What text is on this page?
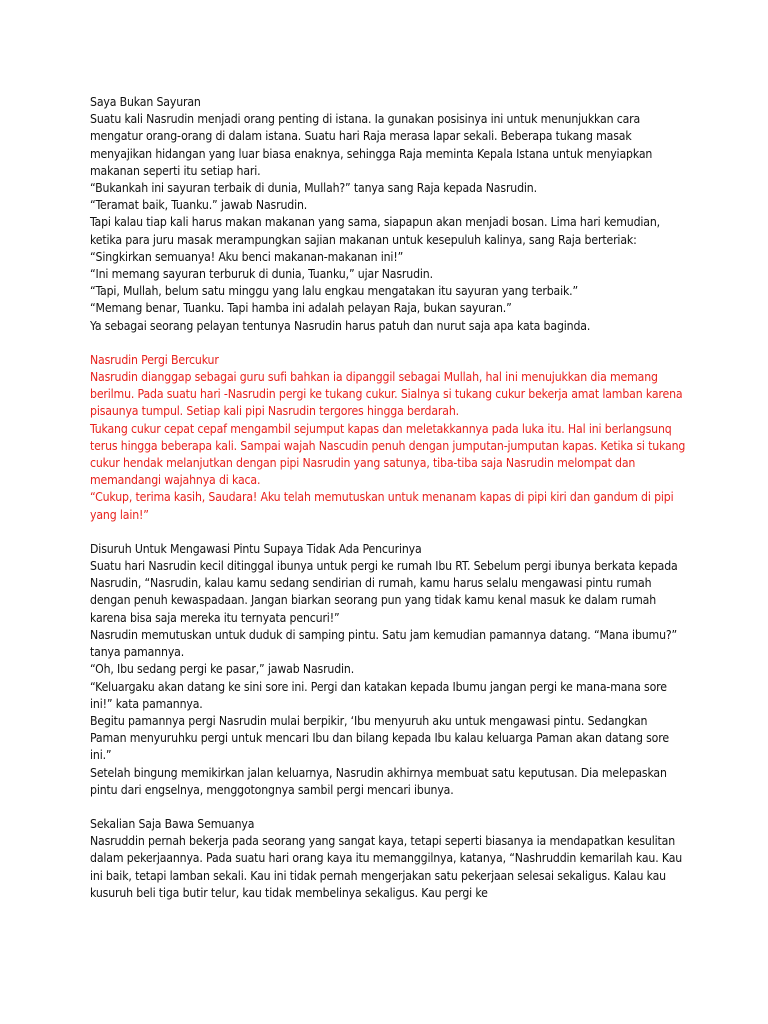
Saya Bukan Sayuran

Suatu kali Nasrudin menjadi orang penting di istana. Ia gunakan posisinya ini untuk menunjukkan cara mengatur orang-orang di dalam istana. Suatu hari Raja merasa lapar sekali. Beberapa tukang masak menyajikan hidangan yang luar biasa enaknya, sehingga Raja meminta Kepala Istana untuk menyiapkan makanan seperti itu setiap hari.

“Bukankah ini sayuran terbaik di dunia, Mullah?” tanya sang Raja kepada Nasrudin.

“Teramat baik, Tuanku.” jawab Nasrudin.

Tapi kalau tiap kali harus makan makanan yang sama, siapapun akan menjadi bosan. Lima hari kemudian, ketika para juru masak merampungkan sajian makanan untuk kesepuluh kalinya, sang Raja berteriak:

“Singkirkan semuanya! Aku benci makanan-makanan ini!”

“Ini memang sayuran terburuk di dunia, Tuanku,” ujar Nasrudin.

“Tapi, Mullah, belum satu minggu yang lalu engkau mengatakan itu sayuran yang terbaik.”

“Memang benar, Tuanku. Tapi hamba ini adalah pelayan Raja, bukan sayuran.”

Ya sebagai seorang pelayan tentunya Nasrudin harus patuh dan nurut saja apa kata baginda.

Nasrudin Pergi Bercukur

Nasrudin dianggap sebagai guru sufi bahkan ia dipanggil sebagai Mullah, hal ini menujukkan dia memang berilmu. Pada suatu hari -Nasrudin pergi ke tukang cukur. Sialnya si tukang cukur bekerja amat lamban karena pisaunya tumpul. Setiap kali pipi Nasrudin tergores hingga berdarah.

Tukang cukur cepat cepaf mengambil sejumput kapas dan meletakkannya pada luka itu. Hal ini berlangsunq terus hingga beberapa kali. Sampai wajah Nascudin penuh dengan jumputan-jumputan kapas. Ketika si tukang cukur hendak melanjutkan dengan pipi Nasrudin yang satunya, tiba-tiba saja Nasrudin melompat dan memandangi wajahnya di kaca.

“Cukup, terima kasih, Saudara! Aku telah memutuskan untuk menanam kapas di pipi kiri dan gandum di pipi yang lain!”

Disuruh Untuk Mengawasi Pintu Supaya Tidak Ada Pencurinya

Suatu hari Nasrudin kecil ditinggal ibunya untuk pergi ke rumah Ibu RT. Sebelum pergi ibunya berkata kepada Nasrudin, “Nasrudin, kalau kamu sedang sendirian di rumah, kamu harus selalu mengawasi pintu rumah dengan penuh kewaspadaan. Jangan biarkan seorang pun yang tidak kamu kenal masuk ke dalam rumah karena bisa saja mereka itu ternyata pencuri!”

Nasrudin memutuskan untuk duduk di samping pintu. Satu jam kemudian pamannya datang. “Mana ibumu?” tanya pamannya.

“Oh, Ibu sedang pergi ke pasar,” jawab Nasrudin.

“Keluargaku akan datang ke sini sore ini. Pergi dan katakan kepada Ibumu jangan pergi ke mana-mana sore ini!” kata pamannya.

Begitu pamannya pergi Nasrudin mulai berpikir, ‘Ibu menyuruh aku untuk mengawasi pintu. Sedangkan Paman menyuruhku pergi untuk mencari Ibu dan bilang kepada Ibu kalau keluarga Paman akan datang sore ini.”

Setelah bingung memikirkan jalan keluarnya, Nasrudin akhirnya membuat satu keputusan. Dia melepaskan pintu dari engselnya, menggotongnya sambil pergi mencari ibunya.

Sekalian Saja Bawa Semuanya

Nasruddin pernah bekerja pada seorang yang sangat kaya, tetapi seperti biasanya ia mendapatkan kesulitan dalam pekerjaannya. Pada suatu hari orang kaya itu memanggilnya, katanya, “Nashruddin kemarilah kau. Kau ini baik, tetapi lamban sekali. Kau ini tidak pernah mengerjakan satu pekerjaan selesai sekaligus. Kalau kau kusuruh beli tiga butir telur, kau tidak membelinya sekaligus. Kau pergi ke
